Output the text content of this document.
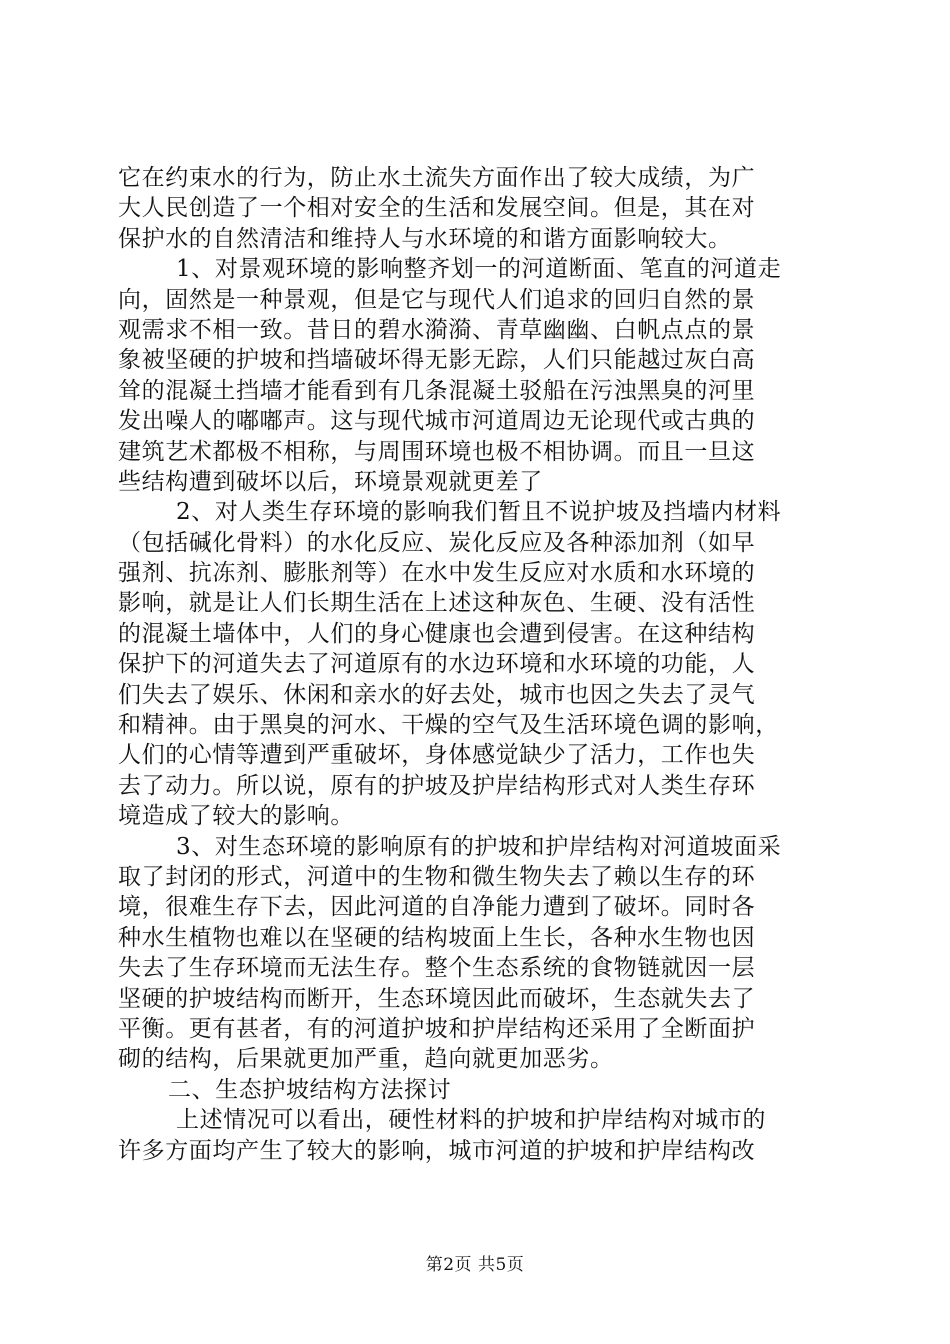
它在约束水的行为，防止水土流失方面作出了较大成绩，为广
大人民创造了一个相对安全的生活和发展空间。但是，其在对
保护水的自然清洁和维持人与水环境的和谐方面影响较大。
1、对景观环境的影响整齐划一的河道断面、笔直的河道走
向，固然是一种景观，但是它与现代人们追求的回归自然的景
观需求不相一致。昔日的碧水漪漪、青草幽幽、白帆点点的景
象被坚硬的护坡和挡墙破坏得无影无踪，人们只能越过灰白高
耸的混凝土挡墙才能看到有几条混凝土驳船在污浊黑臭的河里
发出噪人的嘟嘟声。这与现代城市河道周边无论现代或古典的
建筑艺术都极不相称，与周围环境也极不相协调。而且一旦这
些结构遭到破坏以后，环境景观就更差了
2、对人类生存环境的影响我们暂且不说护坡及挡墙内材料
（包括碱化骨料）的水化反应、炭化反应及各种添加剂（如早
强剂、抗冻剂、膨胀剂等）在水中发生反应对水质和水环境的
影响，就是让人们长期生活在上述这种灰色、生硬、没有活性
的混凝土墙体中，人们的身心健康也会遭到侵害。在这种结构
保护下的河道失去了河道原有的水边环境和水环境的功能，人
们失去了娱乐、休闲和亲水的好去处，城市也因之失去了灵气
和精神。由于黑臭的河水、干燥的空气及生活环境色调的影响，
人们的心情等遭到严重破坏，身体感觉缺少了活力，工作也失
去了动力。所以说，原有的护坡及护岸结构形式对人类生存环
境造成了较大的影响。
3、对生态环境的影响原有的护坡和护岸结构对河道坡面采
取了封闭的形式，河道中的生物和微生物失去了赖以生存的环
境，很难生存下去，因此河道的自净能力遭到了破坏。同时各
种水生植物也难以在坚硬的结构坡面上生长，各种水生物也因
失去了生存环境而无法生存。整个生态系统的食物链就因一层
坚硬的护坡结构而断开，生态环境因此而破坏，生态就失去了
平衡。更有甚者，有的河道护坡和护岸结构还采用了全断面护
砌的结构，后果就更加严重，趋向就更加恶劣。
二、生态护坡结构方法探讨
上述情况可以看出，硬性材料的护坡和护岸结构对城市的
许多方面均产生了较大的影响，城市河道的护坡和护岸结构改
第2页 共5页
